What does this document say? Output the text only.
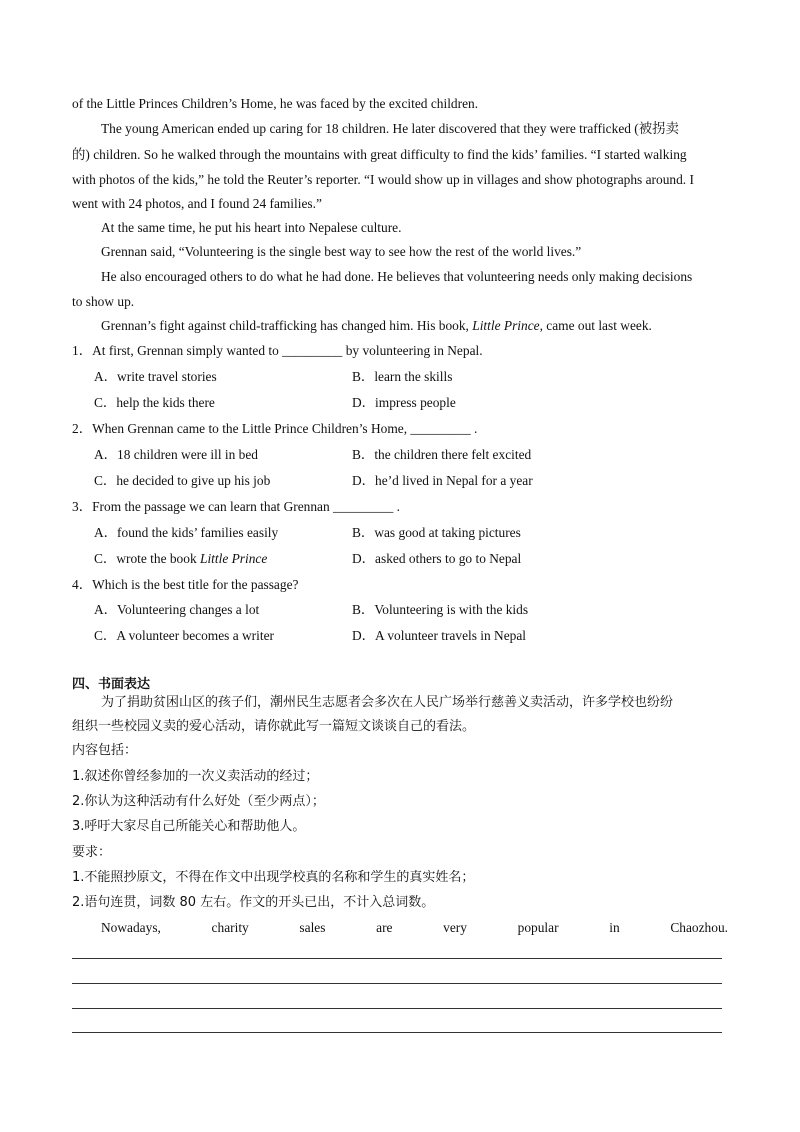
of the Little Princes Children’s Home, he was faced by the excited children.
The young American ended up caring for 18 children. He later discovered that they were trafficked (被拐卖
的) children. So he walked through the mountains with great difficulty to find the kids’ families. “I started walking
with photos of the kids,” he told the Reuter’s reporter. “I would show up in villages and show photographs around. I
went with 24 photos, and I found 24 families.”
At the same time, he put his heart into Nepalese culture.
Grennan said, “Volunteering is the single best way to see how the rest of the world lives.”
He also encouraged others to do what he had done. He believes that volunteering needs only making decisions
to show up.
Grennan’s fight against child-trafficking has changed him. His book, Little Prince, came out last week.
1．At first, Grennan simply wanted to _________ by volunteering in Nepal.
A．write travel stories	B．learn the skills
C．help the kids there	D．impress people
2．When Grennan came to the Little Prince Children’s Home, _________ .
A．18 children were ill in bed	B．the children there felt excited
C．he decided to give up his job	D．he’d lived in Nepal for a year
3．From the passage we can learn that Grennan _________ .
A．found the kids’ families easily	B．was good at taking pictures
C．wrote the book Little Prince	D．asked others to go to Nepal
4．Which is the best title for the passage?
A．Volunteering changes a lot	B．Volunteering is with the kids
C．A volunteer becomes a writer	D．A volunteer travels in Nepal
四、书面表达
为了捐助贫困山区的孩子们，潮州民生志愿者会多次在人民广场举行慈善义卖活动，许多学校也纷纷
组织一些校园义卖的爱心活动，请你就此写一篇短文谈谈自己的看法。
内容包括：
1.叙述你曾经参加的一次义卖活动的经过；
2.你认为这种活动有什么好处（至少两点）；
3.呼吁大家尽自己所能关心和帮助他人。
要求：
1.不能照抄原文，不得在作文中出现学校真的名称和学生的真实姓名；
2.语句连贯，词数 80 左右。作文的开头已出，不计入总词数。
Nowadays, charity sales are very popular in Chaozhou.
